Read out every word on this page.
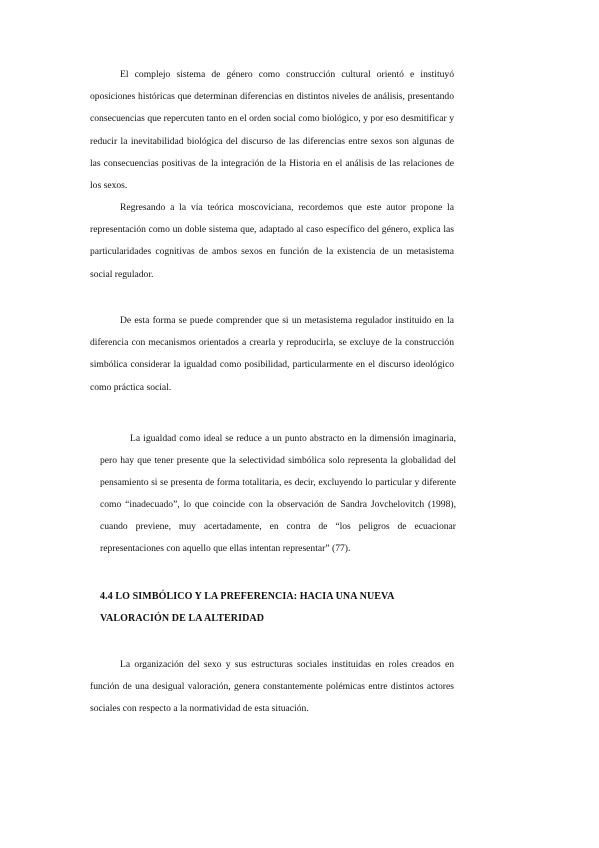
El complejo sistema de género como construcción cultural orientó e instituyó oposiciones históricas que determinan diferencias en distintos niveles de análisis, presentando consecuencias que repercuten tanto en el orden social como biológico, y por eso desmitificar y reducir la inevitabilidad biológica del discurso de las diferencias entre sexos son algunas de las consecuencias positivas de la integración de la Historia en el análisis de las relaciones de los sexos.

Regresando a la vía teórica moscoviciana, recordemos que este autor propone la representación como un doble sistema que, adaptado al caso específico del género, explica las particularidades cognitivas de ambos sexos en función de la existencia de un metasistema social regulador.

De esta forma se puede comprender que si un metasistema regulador instituido en la diferencia con mecanismos orientados a crearla y reproducirla, se excluye de la construcción simbólica considerar la igualdad como posibilidad, particularmente en el discurso ideológico como práctica social.

La igualdad como ideal se reduce a un punto abstracto en la dimensión imaginaria, pero hay que tener presente que la selectividad simbólica solo representa la globalidad del pensamiento si se presenta de forma totalitaria, es decir, excluyendo lo particular y diferente como “inadecuado”, lo que coincide con la observación de Sandra Jovchelovitch (1998), cuando previene, muy acertadamente, en contra de “los peligros de ecuacionar representaciones con aquello que ellas intentan representar” (77).

4.4 LO SIMBÓLICO Y LA PREFERENCIA: HACIA UNA NUEVA VALORACIÓN DE LA ALTERIDAD

La organización del sexo y sus estructuras sociales instituidas en roles creados en función de una desigual valoración, genera constantemente polémicas entre distintos actores sociales con respecto a la normatividad de esta situación.
